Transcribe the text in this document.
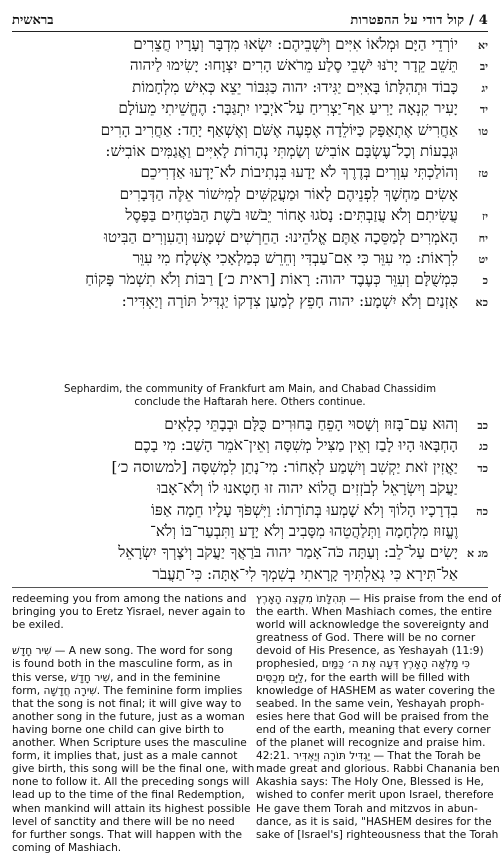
בראשית	4 / קול דודי על ההפטרות
יא
יוֹרְדֵי הַיָּם וּמְלֹאוֹ אִיִּים וְיֹשְׁבֵיהֶם: יִשְׂאוּ מִדְבָּר וְעָרָיו חֲצֵרִים
יב
תֵּשֵׁב קֵדָר יָרֹנּוּ יֹשְׁבֵי סֶלַע מֵרֹאשׁ הָרִים יִצְוָחוּ: יָשִׂימוּ לַיהוה
יג
כָּבוֹד וּתְהִלָּתוֹ בָּאִיִּים יַגִּידוּ: יהוה כַּגִּבּוֹר יֵצֵא כְּאִישׁ מִלְחָמוֹת
יד
יָעִיר קִנְאָה יָרִיעַ אַף־יַצְרִיחַ עַל־אֹיְבָיו יִתְגַּבָּר: הֶחֱשֵׁיתִי מֵעוֹלָם
טו
אַחֲרִישׁ אֶתְאַפָּק כַּיּוֹלֵדָה אֶפְעֶה אֶשֹּׁם וְאֶשְׁאַף יָחַד: אַחֲרִיב הָרִים
וּגְבָעוֹת וְכָל־עֶשְׂבָּם אוֹבִישׁ וְשַׂמְתִּי נְהָרוֹת לָאִיִּים וַאֲגַמִּים אוֹבִישׁ:
טז
וְהוֹלַכְתִּי עִוְרִים בְּדֶרֶךְ לֹא יָדָעוּ בִּנְתִיבוֹת לֹא־יָדְעוּ אַדְרִיכֵם
אָשִׂים מַחְשָׁךְ לִפְנֵיהֶם לָאוֹר וּמַעֲקַשִּׁים לְמִישׁוֹר אֵלֶּה הַדְּבָרִים
יז
עֲשִׂיתִם וְלֹא עֲזַבְתִּים: נָסֹגוּ אָחוֹר יֵבֹשׁוּ בֹשֶׁת הַבֹּטְחִים בַּפָּסֶל
יח
הָאֹמְרִים לְמַסֵּכָה אַתֶּם אֱלֹהֵינוּ: הַחֵרְשִׁים שְׁמָעוּ וְהַעִוְרִים הַבִּיטוּ
יט
לִרְאוֹת: מִי עִוֵּר כִּי אִם־עַבְדִּי וְחֵרֵשׁ כְּמַלְאָכִי אֶשְׁלָח מִי עִוֵּר
כ
כִּמְשֻׁלָּם וְעִוֵּר כְּעֶבֶד יהוה: רָאוֹת [ראית כ׳] רַבּוֹת וְלֹא תִשְׁמֹר פָּקוֹחַ
כא
אָזְנַיִם וְלֹא יִשְׁמָע: יהוה חָפֵץ לְמַעַן צִדְקוֹ יַגְדִּיל תּוֹרָה וְיַאְדִּיר:
Sephardim, the community of Frankfurt am Main, and Chabad Chassidim
conclude the Haftarah here. Others continue.
כב
וְהוּא עַם־בָּזוּז וְשָׁסוּי הָפֵחַ בַּחוּרִים כֻּלָּם וּבְבָתֵּי כְלָאִים
כג
הָחְבָּאוּ הָיוּ לָבַז וְאֵין מַצִּיל מְשִׁסָּה וְאֵין־אֹמֵר הָשַׁב: מִי בָכֶם
כד
יַאֲזִין זֹאת יַקְשִׁב וְיִשְׁמַע לְאָחוֹר: מִי־נָתַן לִמְשִׁסָּה [למשוסה כ׳]
יַעֲקֹב וְיִשְׂרָאֵל לְבֹזְזִים הֲלוֹא יהוה זוּ חָטָאנוּ לוֹ וְלֹא־אָבוּ
כה
בִדְרָכָיו הָלוֹךְ וְלֹא שָׁמְעוּ בְּתוֹרָתוֹ: וַיִּשְׁפֹּךְ עָלָיו חֵמָה אַפּוֹ
וֶעֱזוּז מִלְחָמָה וַתְּלַהֲטֵהוּ מִסָּבִיב וְלֹא יָדָע וַתִּבְעַר־בּוֹ וְלֹא־
מג א
יָשִׂים עַל־לֵב: וְעַתָּה כֹּה־אָמַר יהוה בֹּרַאֲךָ יַעֲקֹב וְיֹצֶרְךָ יִשְׂרָאֵל
אַל־תִּירָא כִּי גְאַלְתִּיךָ קָרָאתִי בְשִׁמְךָ לִי־אָתָּה: כִּי־תַעֲבֹר
redeeming you from among the nations and
bringing you to Eretz Yisrael, never again to
be exiled.
שִׁיר חָדָשׁ — A new song. The word for song
is found both in the masculine form, as in
this verse, שִׁיר חָדָשׁ, and in the feminine
form, שִׁירָה חֲדָשָׁה. The feminine form implies
that the song is not final; it will give way to
another song in the future, just as a woman
having borne one child can give birth to
another. When Scripture uses the masculine
form, it implies that, just as a male cannot
give birth, this song will be the final one, with
none to follow it. All the preceding songs will
lead up to the time of the final Redemption,
when mankind will attain its highest possible
level of sanctity and there will be no need
for further songs. That will happen with the
coming of Mashiach.
תְּהִלָּתוֹ מִקְצֵה הָאָרֶץ — His praise from the end of
the earth. When Mashiach comes, the entire
world will acknowledge the sovereignty and
greatness of God. There will be no corner
devoid of His Presence, as Yeshayah (11:9)
prophesied, כִּי מָלְאָה הָאָרֶץ דֵּעָה אֶת ה׳ כַּמַּיִם
לַיָּם מְכַסִּים, for the earth will be filled with
knowledge of HASHEM as water covering the
seabed. In the same vein, Yeshayah proph-
esies here that God will be praised from the
end of the earth, meaning that every corner
of the planet will recognize and praise him.
42:21. יַגְדִּיל תּוֹרָה וְיַאְדִּיר — That the Torah be
made great and glorious. Rabbi Chanania ben
Akashia says: The Holy One, Blessed is He,
wished to confer merit upon Israel, therefore
He gave them Torah and mitzvos in abun-
dance, as it is said, "HASHEM desires for the
sake of [Israel's] righteousness that the Torah
